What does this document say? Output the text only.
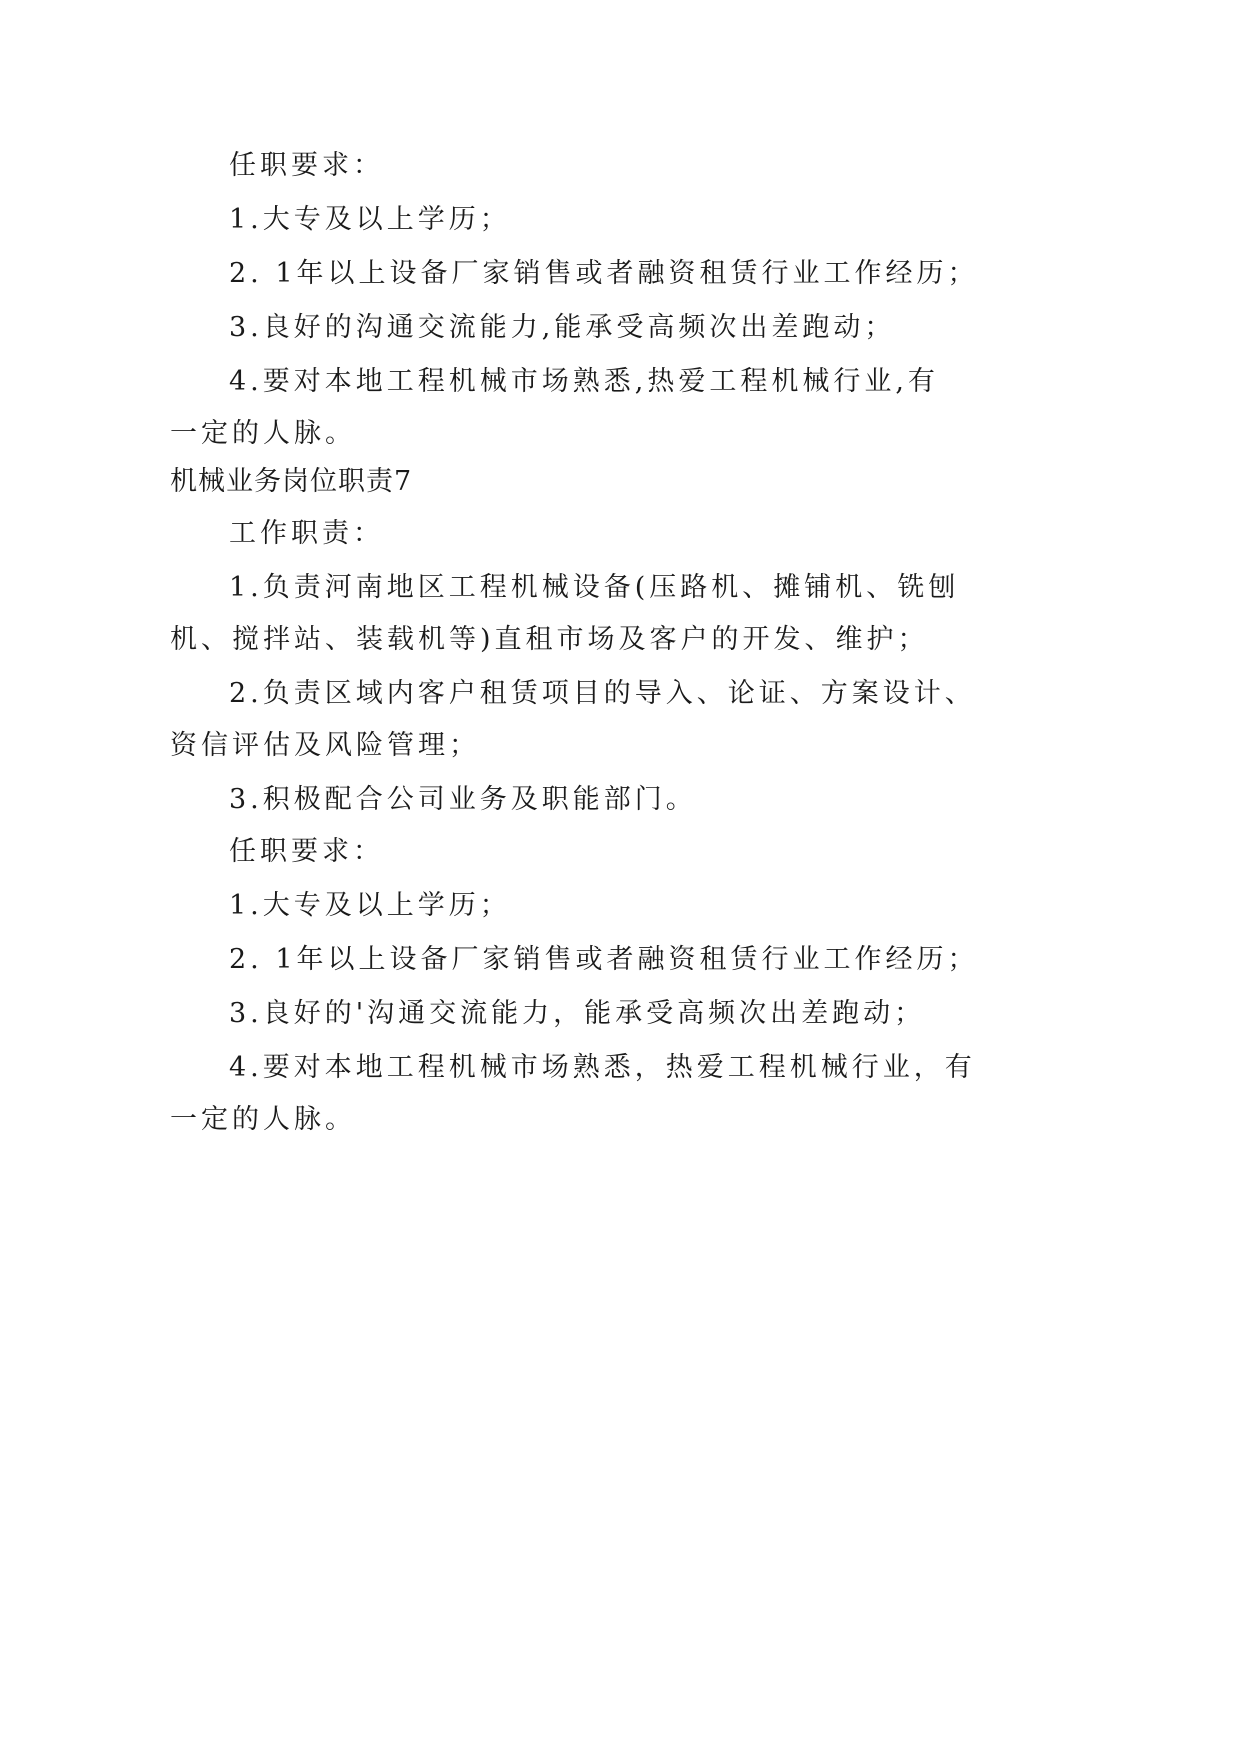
任职要求：
1.大专及以上学历；
2. 1年以上设备厂家销售或者融资租赁行业工作经历；
3.良好的沟通交流能力,能承受高频次出差跑动；
4.要对本地工程机械市场熟悉,热爱工程机械行业,有
一定的人脉。
机械业务岗位职责7
工作职责：
1.负责河南地区工程机械设备(压路机、摊铺机、铣刨
机、搅拌站、装载机等)直租市场及客户的开发、维护；
2.负责区域内客户租赁项目的导入、论证、方案设计、
资信评估及风险管理；
3.积极配合公司业务及职能部门。
任职要求：
1.大专及以上学历；
2. 1年以上设备厂家销售或者融资租赁行业工作经历；
3.良好的'沟通交流能力，能承受高频次出差跑动；
4.要对本地工程机械市场熟悉，热爱工程机械行业，有
一定的人脉。
